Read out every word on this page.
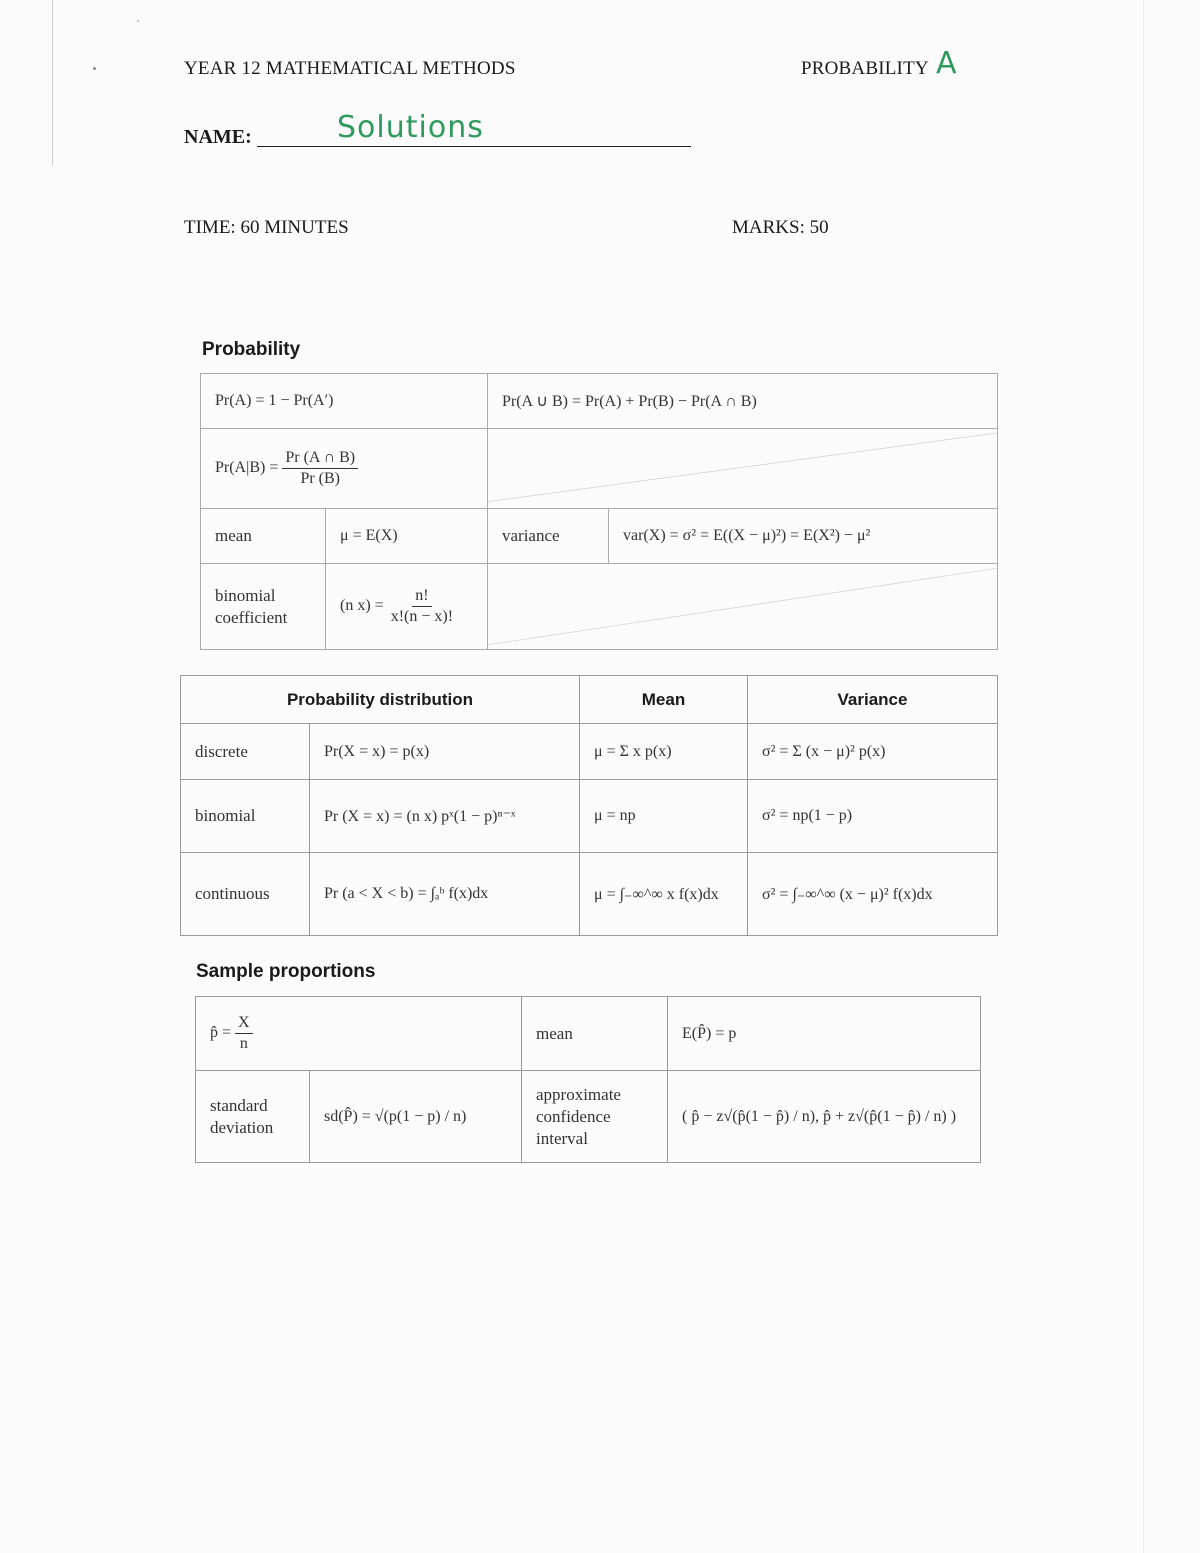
YEAR 12 MATHEMATICAL METHODS	PROBABILITY A
NAME:	Solutions
TIME: 60 MINUTES	MARKS: 50
Probability
Pr(A) = 1 − Pr(A′)		Pr(A ∪ B) = Pr(A) + Pr(B) − Pr(A ∩ B)	
$Pr(A|B) = \frac{Pr (A \cap B)}{Pr (B)}$

mean	μ = E(X)	variance	var(X) = σ² = E((X − μ)²) = E(X²) − μ²
binomial coefficient	(n $x) = \frac{n!}{x!(n - x)!}$

Probability distribution		Mean	Variance
discrete	Pr(X = x) = p(x)	μ = Σ x p(x)	σ² = Σ (x − μ)² p(x)
binomial	Pr (X = x) = (n x) pˣ(1 − p)ⁿ⁻ˣ	μ = np	σ² = np(1 − p)
continuous	Pr (a < X < b) = ∫ₐᵇ f(x)dx	μ = ∫₋∞^∞ x f(x)dx	σ² = ∫₋∞^∞ (x − μ)² f(x)dx
Sample proportions
p̂ = $\frac{X}{n}$		mean	E(P̂) = p
standard deviation	sd(P̂) = √(p(1 − p) / n)	approximate confidence interval	( p̂ − z√(p̂(1 − p̂) / n), p̂ + z√(p̂(1 − p̂) / n) )
